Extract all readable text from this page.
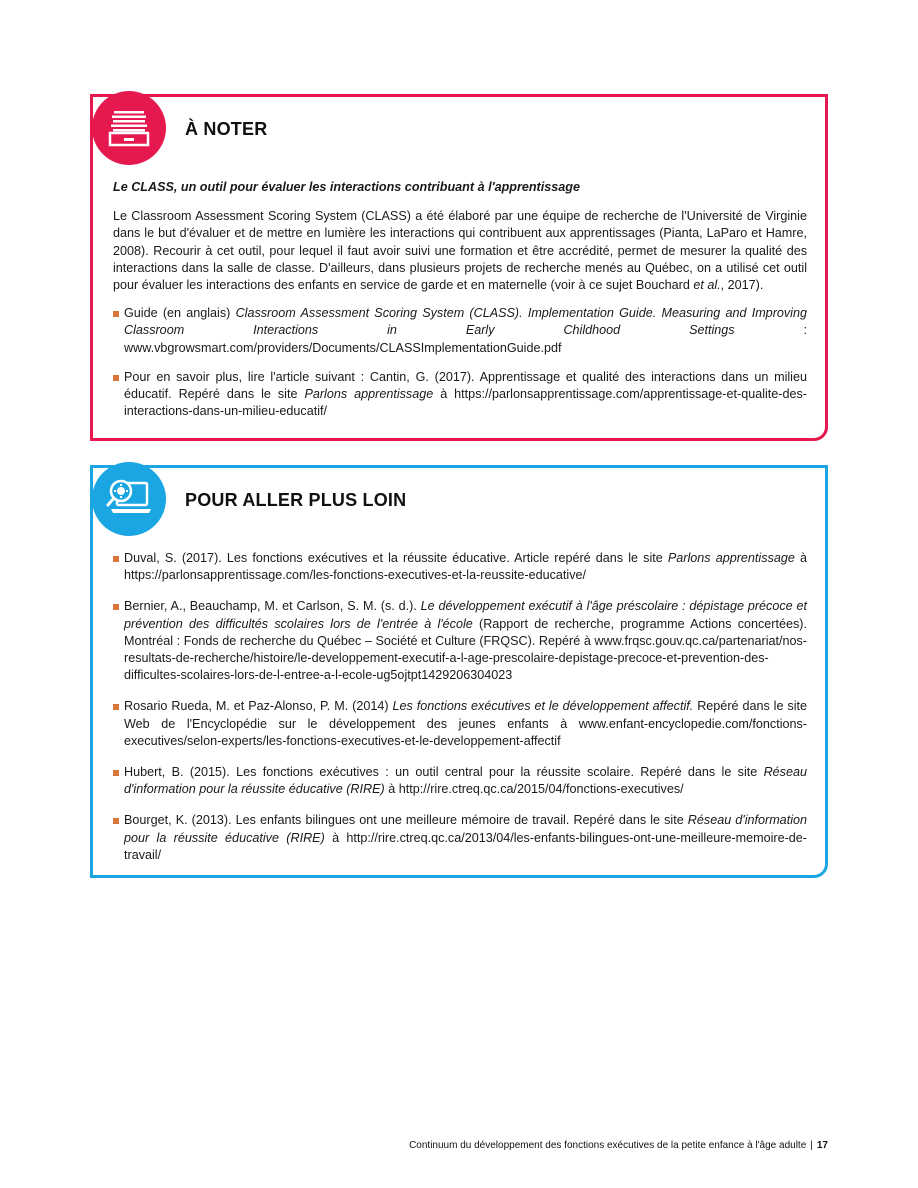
À NOTER

Le CLASS, un outil pour évaluer les interactions contribuant à l'apprentissage

Le Classroom Assessment Scoring System (CLASS) a été élaboré par une équipe de recherche de l'Université de Virginie dans le but d'évaluer et de mettre en lumière les interactions qui contribuent aux apprentissages (Pianta, LaParo et Hamre, 2008). Recourir à cet outil, pour lequel il faut avoir suivi une formation et être accrédité, permet de mesurer la qualité des interactions dans la salle de classe. D'ailleurs, dans plusieurs projets de recherche menés au Québec, on a utilisé cet outil pour évaluer les interactions des enfants en service de garde et en maternelle (voir à ce sujet Bouchard et al., 2017).

Guide (en anglais) Classroom Assessment Scoring System (CLASS). Implementation Guide. Measuring and Improving Classroom Interactions in Early Childhood Settings : www.vbgrowsmart.com/providers/Documents/CLASSImplementationGuide.pdf
Pour en savoir plus, lire l'article suivant : Cantin, G. (2017). Apprentissage et qualité des interactions dans un milieu éducatif. Repéré dans le site Parlons apprentissage à https://parlonsapprentissage.com/apprentissage-et-qualite-des-interactions-dans-un-milieu-educatif/
POUR ALLER PLUS LOIN
Duval, S. (2017). Les fonctions exécutives et la réussite éducative. Article repéré dans le site Parlons apprentissage à https://parlonsapprentissage.com/les-fonctions-executives-et-la-reussite-educative/
Bernier, A., Beauchamp, M. et Carlson, S. M. (s. d.). Le développement exécutif à l'âge préscolaire : dépistage précoce et prévention des difficultés scolaires lors de l'entrée à l'école (Rapport de recherche, programme Actions concertées). Montréal : Fonds de recherche du Québec – Société et Culture (FRQSC). Repéré à www.frqsc.gouv.qc.ca/partenariat/nos-resultats-de-recherche/histoire/le-developpement-executif-a-l-age-prescolaire-depistage-precoce-et-prevention-des-difficultes-scolaires-lors-de-l-entree-a-l-ecole-ug5ojtpt1429206304023
Rosario Rueda, M. et Paz-Alonso, P. M. (2014) Les fonctions exécutives et le développement affectif. Repéré dans le site Web de l'Encyclopédie sur le développement des jeunes enfants à www.enfant-encyclopedie.com/fonctions-executives/selon-experts/les-fonctions-executives-et-le-developpement-affectif
Hubert, B. (2015). Les fonctions exécutives : un outil central pour la réussite scolaire. Repéré dans le site Réseau d'information pour la réussite éducative (RIRE) à http://rire.ctreq.qc.ca/2015/04/fonctions-executives/
Bourget, K. (2013). Les enfants bilingues ont une meilleure mémoire de travail. Repéré dans le site Réseau d'information pour la réussite éducative (RIRE) à http://rire.ctreq.qc.ca/2013/04/les-enfants-bilingues-ont-une-meilleure-memoire-de-travail/
Continuum du développement des fonctions exécutives de la petite enfance à l'âge adulte | 17
